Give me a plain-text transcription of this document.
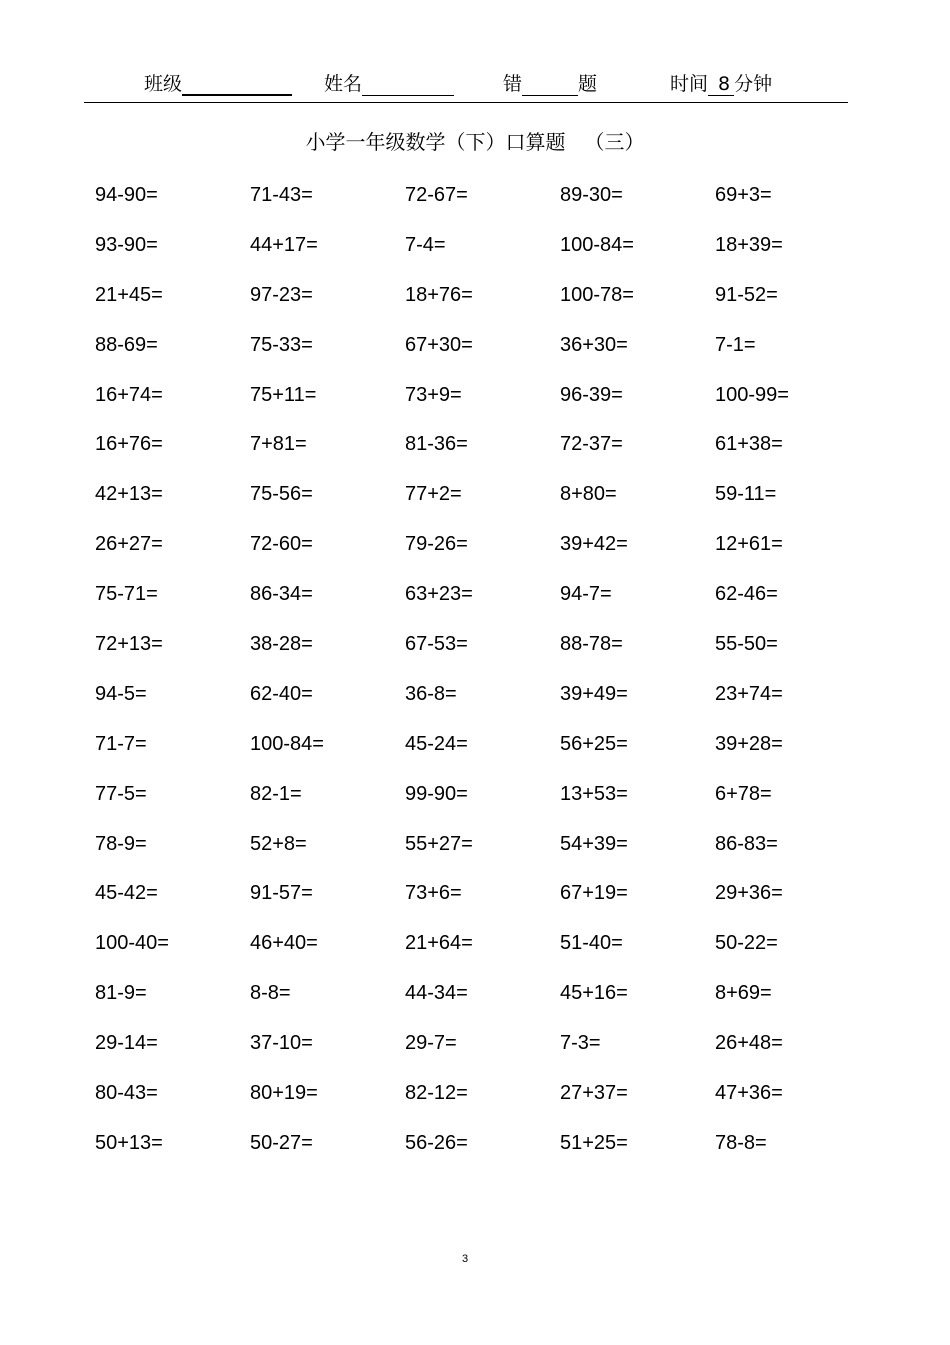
班级	姓名	错	题	时间 8 分钟
小学一年级数学（下）口算题   （三）
94-90=	71-43=	72-67=	89-30=	69+3=
93-90=	44+17=	7-4=	100-84=	18+39=
21+45=	97-23=	18+76=	100-78=	91-52=
88-69=	75-33=	67+30=	36+30=	7-1=
16+74=	75+11=	73+9=	96-39=	100-99=
16+76=	7+81=	81-36=	72-37=	61+38=
42+13=	75-56=	77+2=	8+80=	59-11=
26+27=	72-60=	79-26=	39+42=	12+61=
75-71=	86-34=	63+23=	94-7=	62-46=
72+13=	38-28=	67-53=	88-78=	55-50=
94-5=	62-40=	36-8=	39+49=	23+74=
71-7=	100-84=	45-24=	56+25=	39+28=
77-5=	82-1=	99-90=	13+53=	6+78=
78-9=	52+8=	55+27=	54+39=	86-83=
45-42=	91-57=	73+6=	67+19=	29+36=
100-40=	46+40=	21+64=	51-40=	50-22=
81-9=	8-8=	44-34=	45+16=	8+69=
29-14=	37-10=	29-7=	7-3=	26+48=
80-43=	80+19=	82-12=	27+37=	47+36=
50+13=	50-27=	56-26=	51+25=	78-8=
3
